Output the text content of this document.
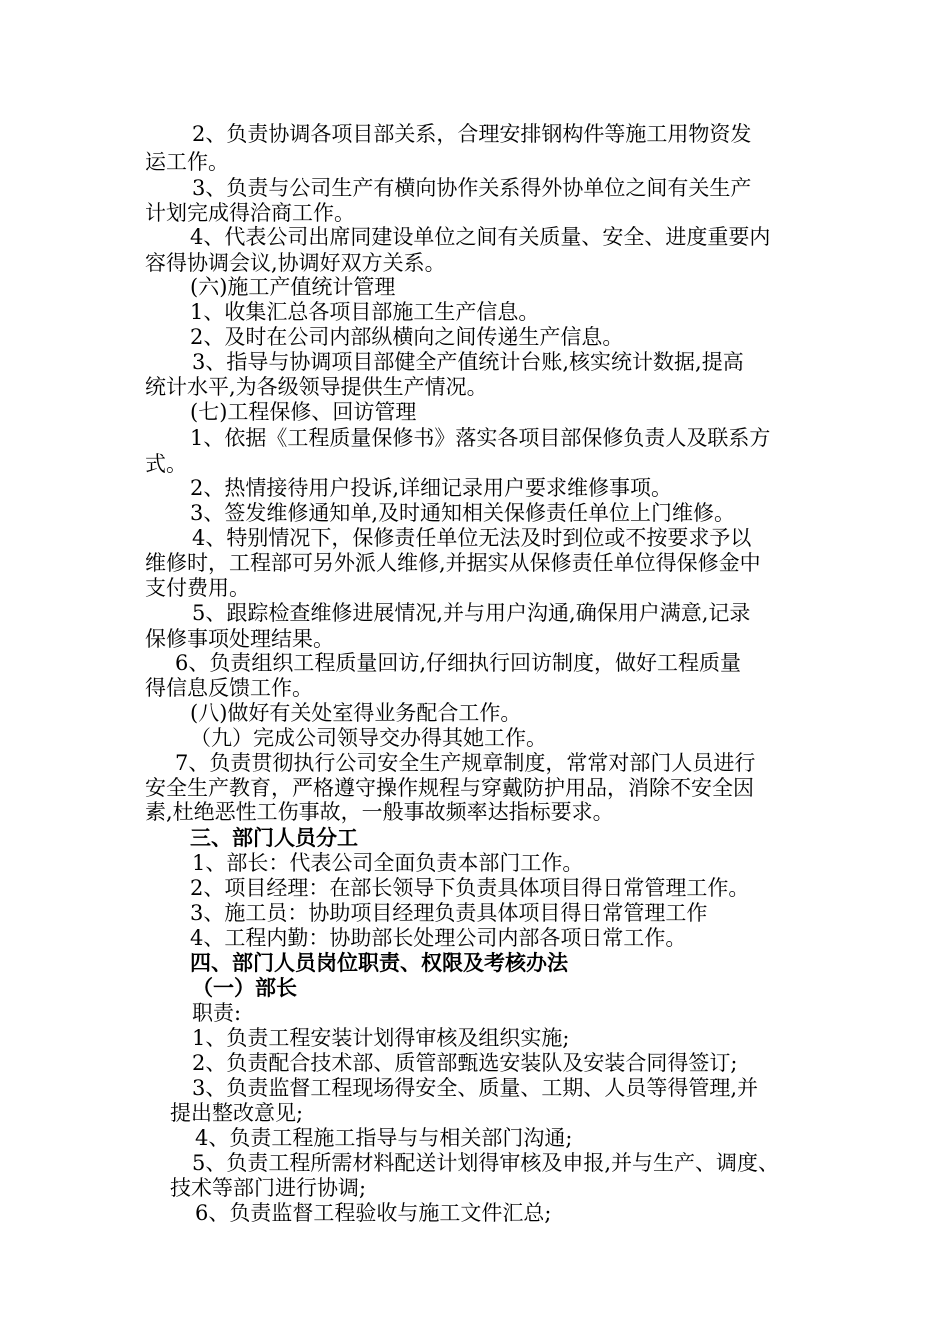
2、负责协调各项目部关系，合理安排钢构件等施工用物资发
运工作。
3、负责与公司生产有横向协作关系得外协单位之间有关生产
计划完成得洽商工作。
4、代表公司出席同建设单位之间有关质量、安全、进度重要内
容得协调会议,协调好双方关系。
(六)施工产值统计管理
1、收集汇总各项目部施工生产信息。
2、及时在公司内部纵横向之间传递生产信息。
3、指导与协调项目部健全产值统计台账,核实统计数据,提高
统计水平,为各级领导提供生产情况。
(七)工程保修、回访管理
1、依据《工程质量保修书》落实各项目部保修负责人及联系方
式。
2、热情接待用户投诉,详细记录用户要求维修事项。
3、签发维修通知单,及时通知相关保修责任单位上门维修。
4、特别情况下，保修责任单位无法及时到位或不按要求予以
维修时，工程部可另外派人维修,并据实从保修责任单位得保修金中
支付费用。
5、跟踪检查维修进展情况,并与用户沟通,确保用户满意,记录
保修事项处理结果。
6、负责组织工程质量回访,仔细执行回访制度，做好工程质量
得信息反馈工作。
(八)做好有关处室得业务配合工作。
（九）完成公司领导交办得其她工作。
7、负责贯彻执行公司安全生产规章制度，常常对部门人员进行
安全生产教育，严格遵守操作规程与穿戴防护用品，消除不安全因
素,杜绝恶性工伤事故，一般事故频率达指标要求。
三、部门人员分工
1、部长：代表公司全面负责本部门工作。
2、项目经理：在部长领导下负责具体项目得日常管理工作。
3、施工员：协助项目经理负责具体项目得日常管理工作
4、工程内勤：协助部长处理公司内部各项日常工作。
四、部门人员岗位职责、权限及考核办法
（一）部长
职责:
1、负责工程安装计划得审核及组织实施;
2、负责配合技术部、质管部甄选安装队及安装合同得签订;
3、负责监督工程现场得安全、质量、工期、人员等得管理,并
提出整改意见;
4、负责工程施工指导与与相关部门沟通;
5、负责工程所需材料配送计划得审核及申报,并与生产、调度、
技术等部门进行协调;
6、负责监督工程验收与施工文件汇总;
